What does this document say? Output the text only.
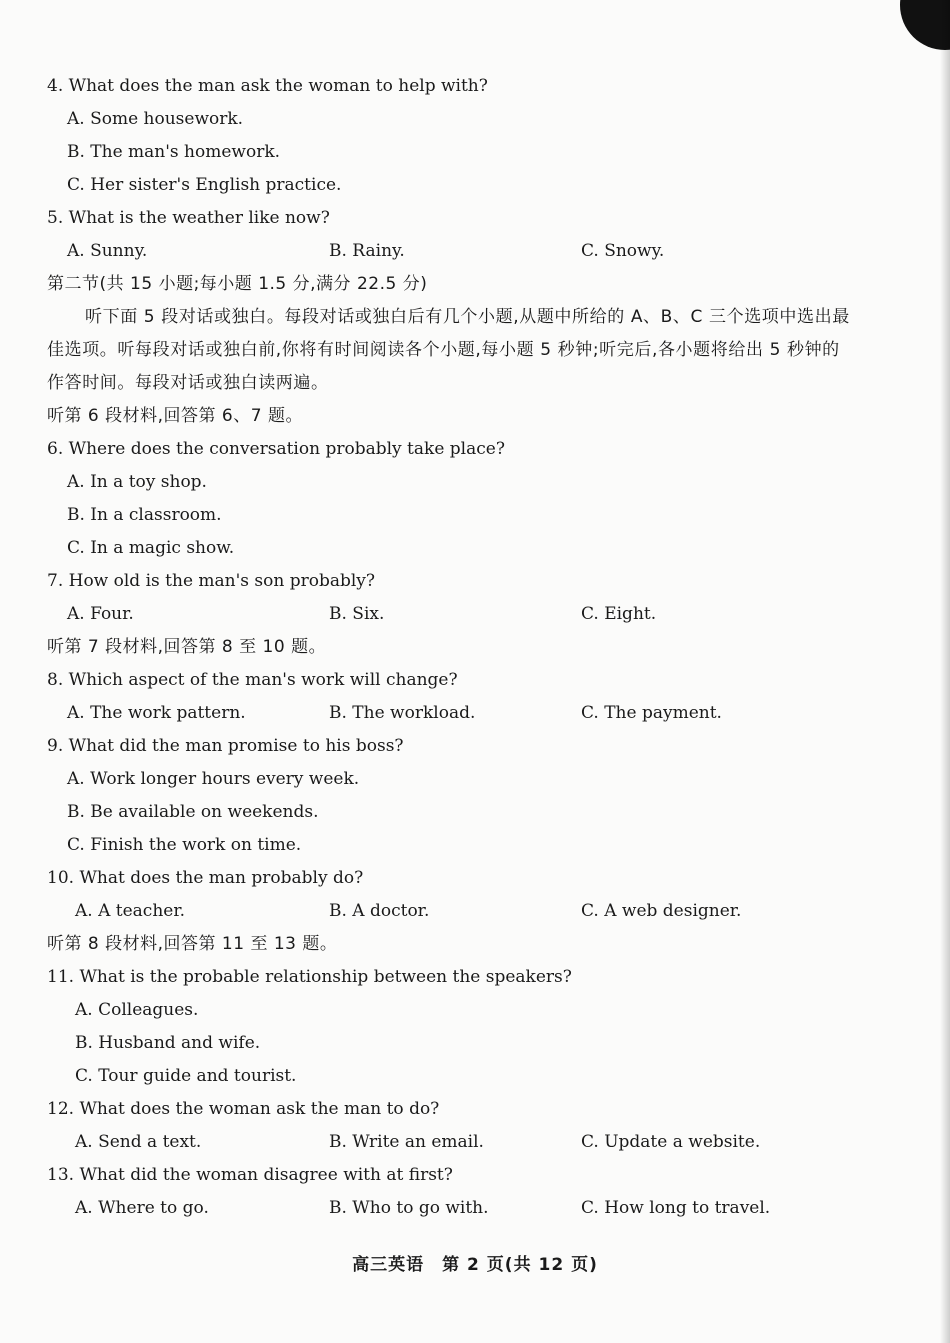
4. What does the man ask the woman to help with?
A. Some housework.
B. The man's homework.
C. Her sister's English practice.
5. What is the weather like now?
A. Sunny.	B. Rainy.	C. Snowy.
第二节(共 15 小题;每小题 1.5 分,满分 22.5 分)
听下面 5 段对话或独白。每段对话或独白后有几个小题,从题中所给的 A、B、C 三个选项中选出最佳选项。听每段对话或独白前,你将有时间阅读各个小题,每小题 5 秒钟;听完后,各小题将给出 5 秒钟的作答时间。每段对话或独白读两遍。
听第 6 段材料,回答第 6、7 题。
6. Where does the conversation probably take place?
A. In a toy shop.
B. In a classroom.
C. In a magic show.
7. How old is the man's son probably?
A. Four.	B. Six.	C. Eight.
听第 7 段材料,回答第 8 至 10 题。
8. Which aspect of the man's work will change?
A. The work pattern.	B. The workload.	C. The payment.
9. What did the man promise to his boss?
A. Work longer hours every week.
B. Be available on weekends.
C. Finish the work on time.
10. What does the man probably do?
A. A teacher.	B. A doctor.	C. A web designer.
听第 8 段材料,回答第 11 至 13 题。
11. What is the probable relationship between the speakers?
A. Colleagues.
B. Husband and wife.
C. Tour guide and tourist.
12. What does the woman ask the man to do?
A. Send a text.	B. Write an email.	C. Update a website.
13. What did the woman disagree with at first?
A. Where to go.	B. Who to go with.	C. How long to travel.
高三英语　第 2 页(共 12 页)
